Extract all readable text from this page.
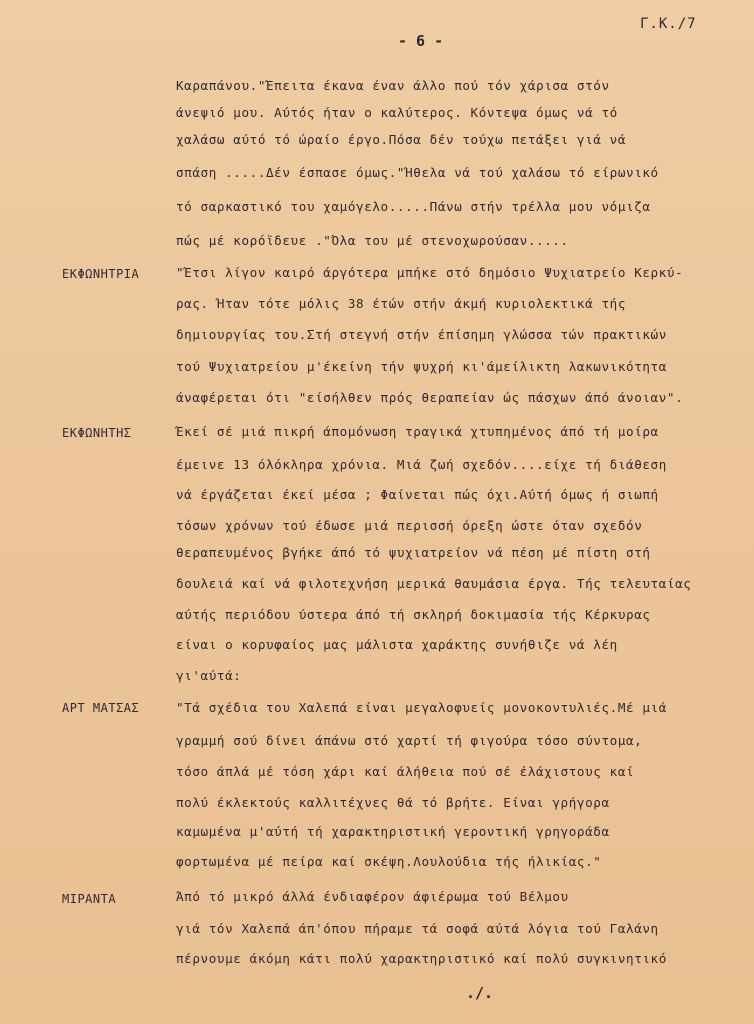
Γ.Κ./7
- 6 -
Καραπάνου."Έπειτα έκανα έναν άλλο πού τόν χάρισα στόν
άνεψιό μου. Αύτός ήταν ο καλύτερος. Κόντεψα όμως νά τό
χαλάσω αύτό τό ώραίο έργο.Πόσα δέν τούχω πετάξει γιά νά
σπάση .....Δέν έσπασε όμως."Ήθελα νά τού χαλάσω τό είρωνικό
τό σαρκαστικό του χαμόγελο.....Πάνω στήν τρέλλα μου νόμιζα
πώς μέ κορόϊδευε ."Όλα του μέ στενοχωρούσαν.....
ΕΚΦΩΝΗΤΡΙΑ	"Έτσι λίγον καιρό άργότερα μπήκε στό δημόσιο Ψυχιατρείο Κερκύ-
ρας. Ήταν τότε μόλις 38 έτών στήν άκμή κυριολεκτικά τής
δημιουργίας του.Στή στεγνή στήν έπίσημη γλώσσα τών πρακτικών
τού Ψυχιατρείου μ'έκείνη τήν ψυχρή κι'άμείλικτη λακωνικότητα
άναφέρεται ότι "είσήλθεν πρός θεραπείαν ώς πάσχων άπό άνοιαν".
ΕΚΦΩΝΗΤΗΣ	Έκεί σέ μιά πικρή άπομόνωση τραγικά χτυπημένος άπό τή μοίρα
έμεινε 13 όλόκληρα χρόνια. Μιά ζωή σχεδόν....είχε τή διάθεση
νά έργάζεται έκεί μέσα ; Φαίνεται πώς όχι.Αύτή όμως ή σιωπή
τόσων χρόνων τού έδωσε μιά περισσή όρεξη ώστε όταν σχεδόν
θεραπευμένος βγήκε άπό τό ψυχιατρείον νά πέση μέ πίστη στή
δουλειά καί νά φιλοτεχνήση μερικά θαυμάσια έργα. Τής τελευταίας
αύτής περιόδου ύστερα άπό τή σκληρή δοκιμασία τής Κέρκυρας
είναι ο κορυφαίος μας μάλιστα χαράκτης συνήθιζε νά λέη
γι'αύτά:
ΑΡΤ ΜΑΤΣΑΣ	"Τά σχέδια του Χαλεπά είναι μεγαλοφυείς μονοκοντυλιές.Μέ μιά
γραμμή σού δίνει άπάνω στό χαρτί τή φιγούρα τόσο σύντομα,
τόσο άπλά μέ τόση χάρι καί άλήθεια πού σέ έλάχιστους καί
πολύ έκλεκτούς καλλιτέχνες θά τό βρήτε. Είναι γρήγορα
καμωμένα μ'αύτή τή χαρακτηριστική γεροντική γρηγοράδα
φορτωμένα μέ πείρα καί σκέψη.Λουλούδια τής ήλικίας."
ΜΙΡΑΝΤΑ	Άπό τό μικρό άλλά ένδιαφέρον άφιέρωμα τού Βέλμου
γιά τόν Χαλεπά άπ'όπου πήραμε τά σοφά αύτά λόγια τού Γαλάνη
πέρνουμε άκόμη κάτι πολύ χαρακτηριστικό καί πολύ συγκινητικό
./.
